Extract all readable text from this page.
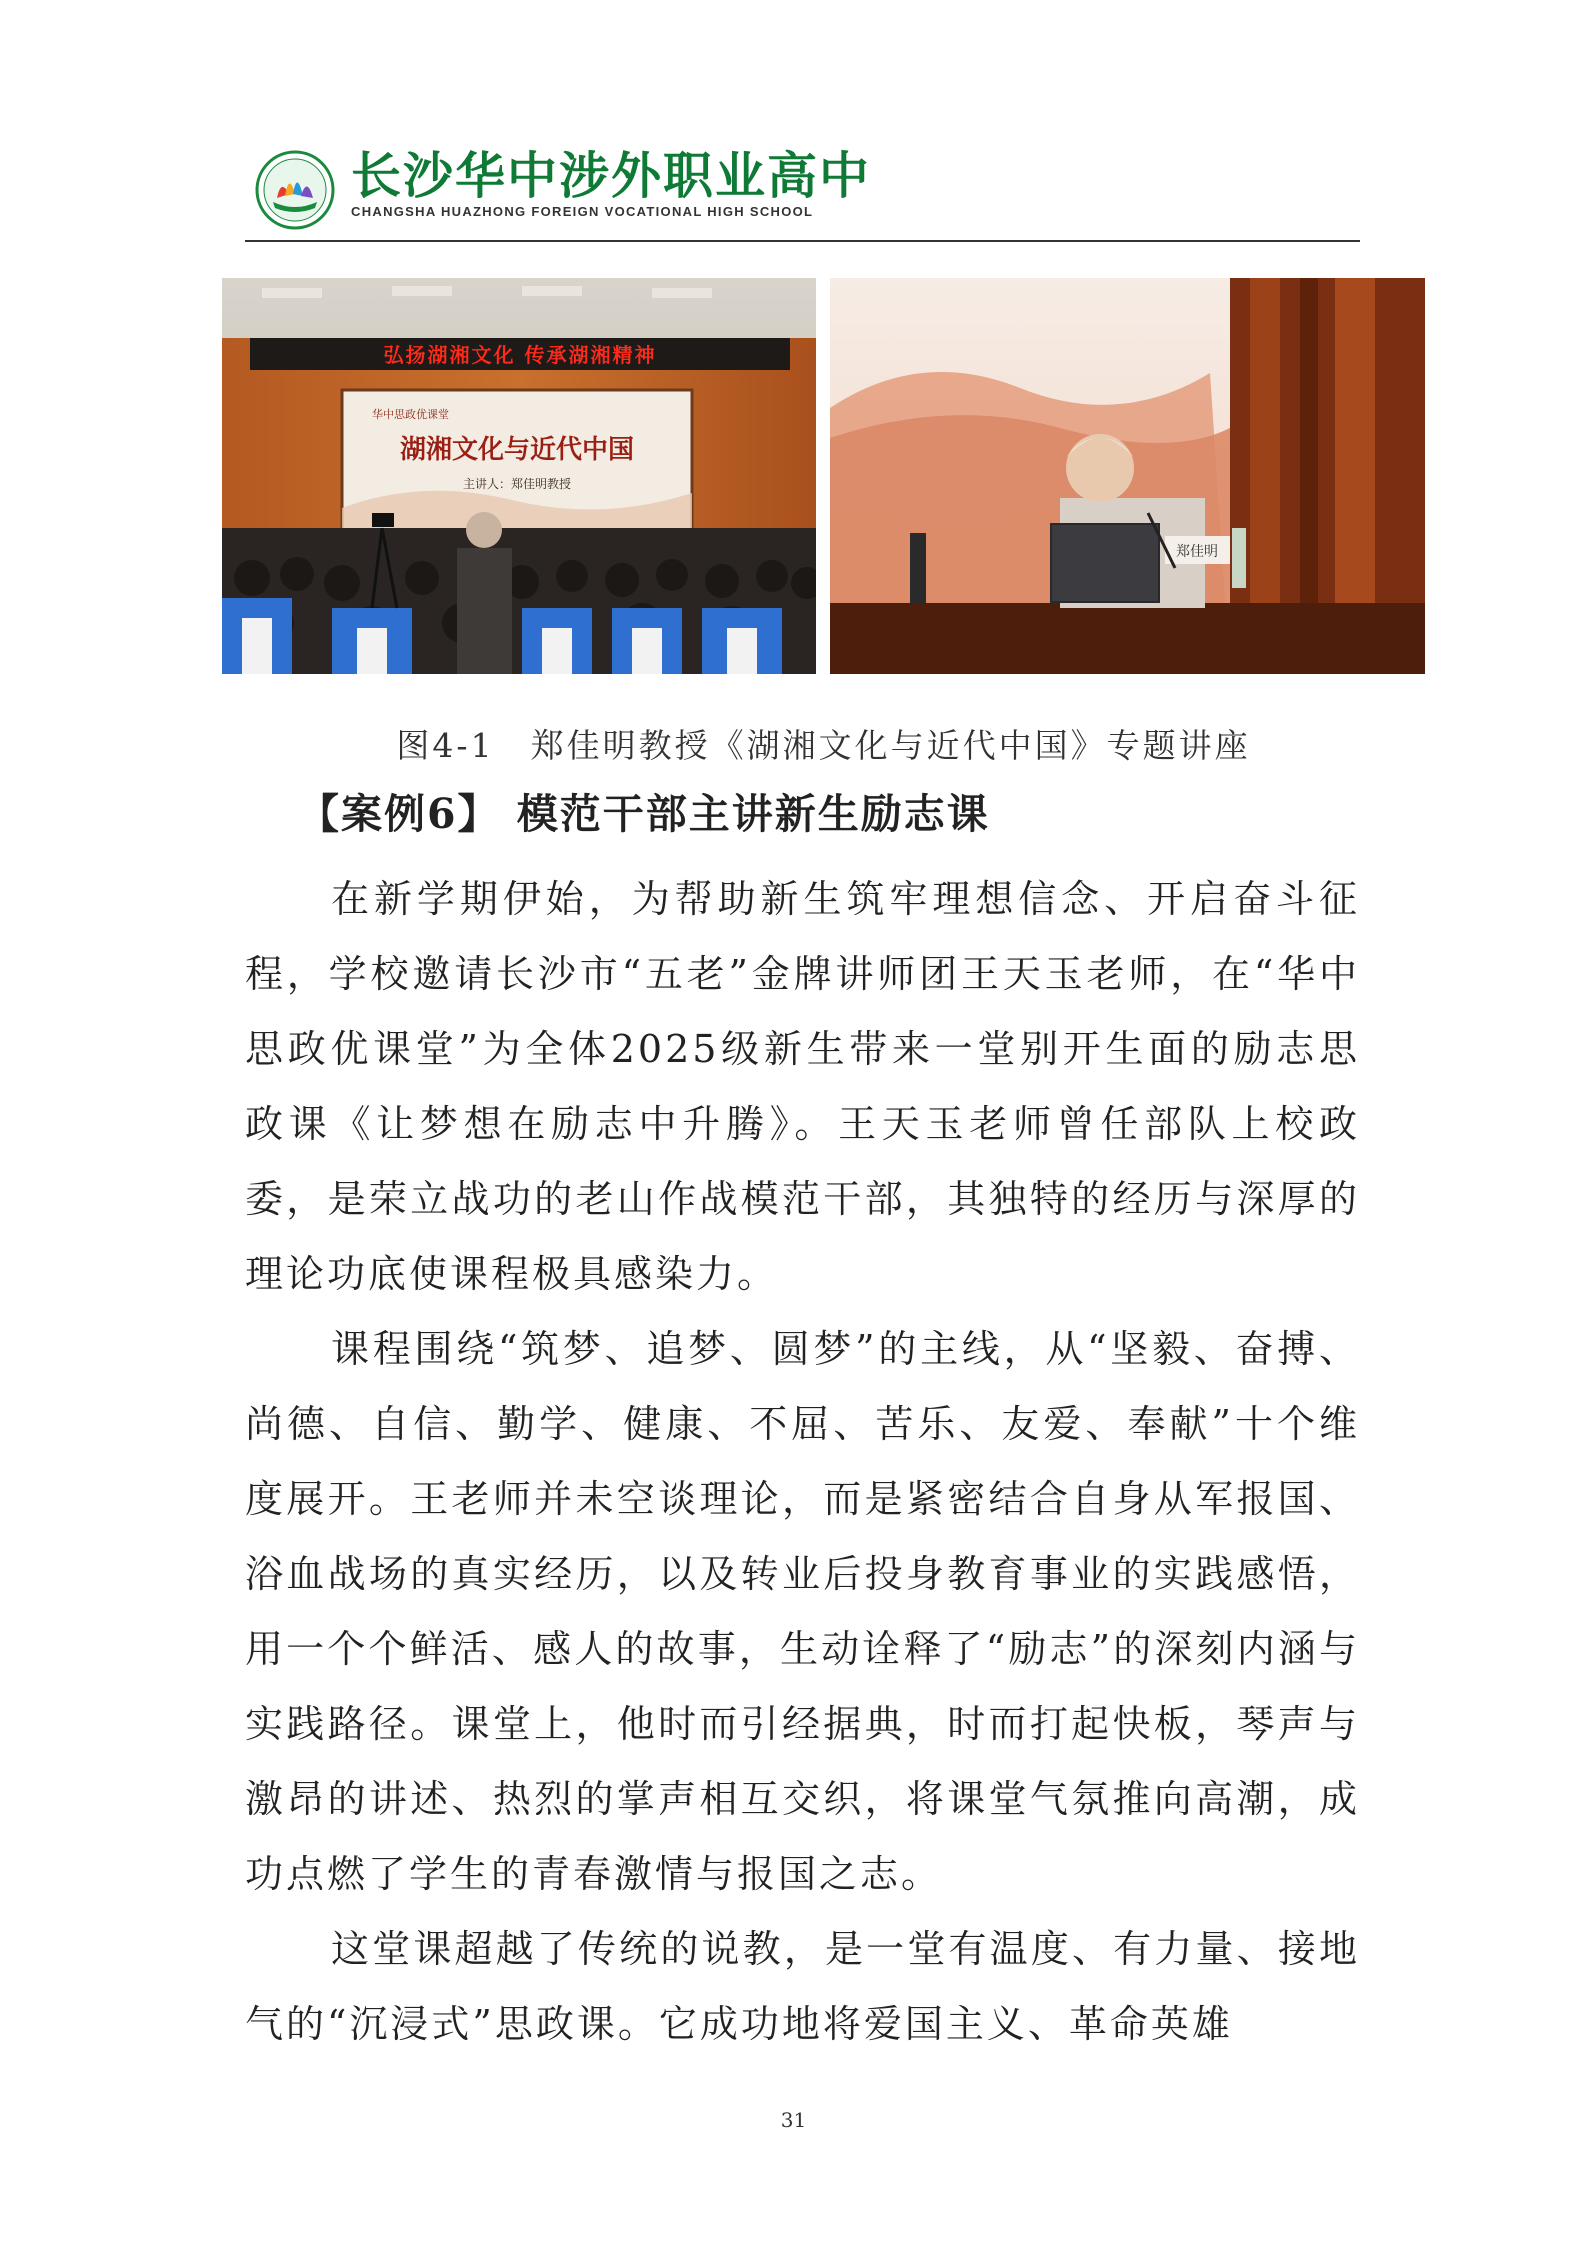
长沙华中涉外职业高中
CHANGSHA HUAZHONG FOREIGN VOCATIONAL HIGH SCHOOL
弘扬湖湘文化 传承湖湘精神
华中思政优课堂
湖湘文化与近代中国
主讲人：郑佳明教授
郑佳明
图4-1　郑佳明教授《湖湘文化与近代中国》专题讲座
【案例6】 模范干部主讲新生励志课

在新学期伊始，为帮助新生筑牢理想信念、开启奋斗征程，学校邀请长沙市“五老”金牌讲师团王天玉老师，在“华中思政优课堂”为全体2025级新生带来一堂别开生面的励志思政课《让梦想在励志中升腾》。王天玉老师曾任部队上校政委，是荣立战功的老山作战模范干部，其独特的经历与深厚的理论功底使课程极具感染力。

课程围绕“筑梦、追梦、圆梦”的主线，从“坚毅、奋搏、尚德、自信、勤学、健康、不屈、苦乐、友爱、奉献”十个维度展开。王老师并未空谈理论，而是紧密结合自身从军报国、浴血战场的真实经历，以及转业后投身教育事业的实践感悟，用一个个鲜活、感人的故事，生动诠释了“励志”的深刻内涵与实践路径。课堂上，他时而引经据典，时而打起快板，琴声与激昂的讲述、热烈的掌声相互交织，将课堂气氛推向高潮，成功点燃了学生的青春激情与报国之志。

这堂课超越了传统的说教，是一堂有温度、有力量、接地气的“沉浸式”思政课。它成功地将爱国主义、革命英雄

31
